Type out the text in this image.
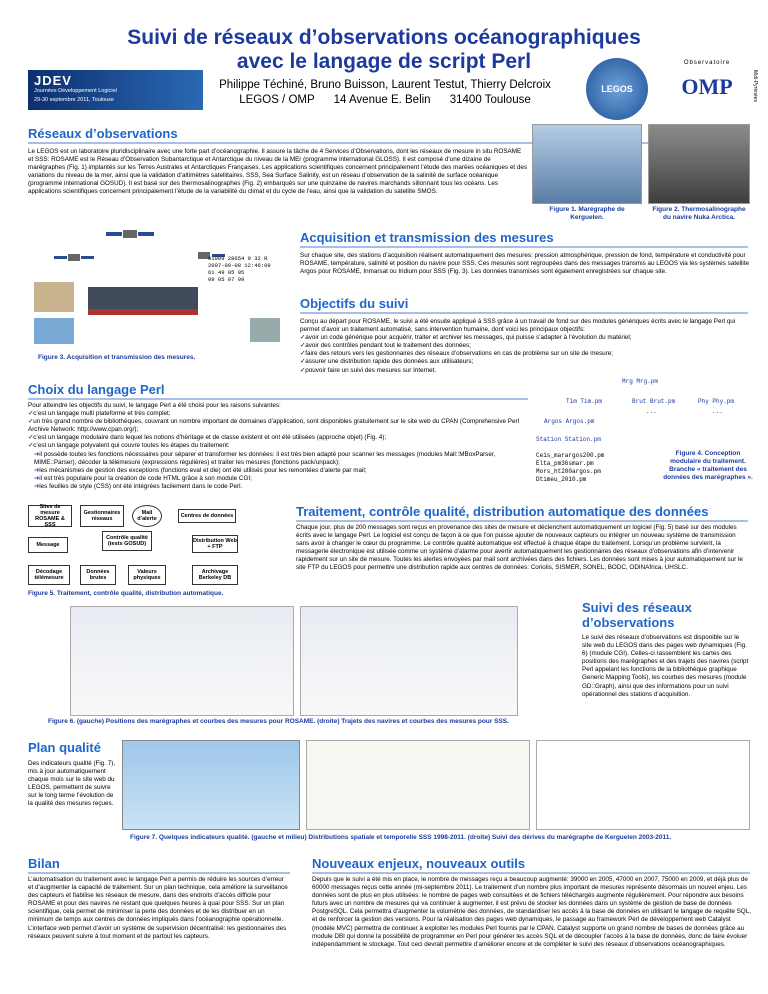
Suivi de réseaux d’observations océanographiques
avec le langage de script Perl
JDEV
Journées Développement Logiciel
29-30 septembre 2011, Toulouse
Philippe Téchiné, Bruno Buisson, Laurent Testut, Thierry Delcroix
LEGOS / OMP      14 Avenue E. Belin      31400 Toulouse
LEGOS
Observatoire
OMP	Midi-Pyrénées
Réseaux d’observations
Le LEGOS est un laboratoire pluridisciplinaire avec une forte part d’océanographie. Il assure la tâche de 4 Services d’Observations, dont les réseaux de mesure in situ ROSAME et SSS: ROSAME est le Réseau d’Observation Subantarctique et Antarctique du niveau de la MEr (programme international GLOSS). Il est composé d’une dizaine de marégraphes (Fig. 1) implantés sur les Terres Australes et Antarctiques Françaises. Les applications scientifiques concernent principalement l’étude des marées océaniques et des variations du niveau de la mer, ainsi que la validation d’altimètres satellitaires. SSS, Sea Surface Salinity, est un réseau d’observation de la salinité de surface océanique (programme international GOSUD). Il est basé sur des thermosalinographes (Fig. 2) embarqués sur une quinzaine de navires marchands sillonnant tous les océans. Les applications scientifiques concernent principalement l’étude de la variabilité du climat et du cycle de l’eau, ainsi que la validation du satellite SMOS.
Figure 1. Marégraphe de Kerguelen.
Figure 2. Thermosalinographe du navire Nuka Arctica.
Acquisition et transmission des mesures
Sur chaque site, des stations d’acquisition réalisent automatiquement des mesures: pression atmosphérique, pression de fond, température et conductivité pour ROSAME, température, salinité et position du navire pour SSS. Ces mesures sont regroupées dans des messages transmis au LEGOS via les systèmes satellite Argos pour ROSAME, Inmarsat ou Iridium pour SSS (Fig. 3). Les données transmises sont également enregistrées sur chaque site.
01009 28654 9 32 R
2007-09-08 12:46:09
61 49 05 05
09 05 07 09
Figure 3. Acquisition et transmission des mesures.
Objectifs du suivi
Conçu au départ pour ROSAME, le suivi a été ensuite appliqué à SSS grâce à un travail de fond sur des modules génériques écrits avec le langage Perl qui permet d’avoir un traitement automatisé, sans intervention humaine, dont voici les principaux objectifs:
✓ avoir un code générique pour acquérir, traiter et archiver les messages, qui puisse s’adapter à l’évolution du matériel;
✓ avoir des contrôles pendant tout le traitement des données;
✓ faire des retours vers les gestionnaires des réseaux d’observations en cas de problème sur un site de mesure;
✓ assurer une distribution rapide des données aux utilisateurs;
✓ pouvoir faire un suivi des mesures sur Internet.
Choix du langage Perl
Pour atteindre les objectifs du suivi, le langage Perl a été choisi pour les raisons suivantes:
✓ c’est un langage multi plateforme et très complet;
✓ un très grand nombre de bibliothèques, couvrant un nombre important de domaines d’application, sont disponibles gratuitement sur le site web du CPAN (Comprehensive Perl Archive Network: http://www.cpan.org/);
✓ c’est un langage modulaire dans lequel les notions d’héritage et de classe existent et ont été utilisées (approche objet) (Fig. 4);
✓ c’est un langage polyvalent qui couvre toutes les étapes du traitement:
➔ il possède toutes les fonctions nécessaires pour séparer et transformer les données: il est très bien adapté pour scanner les messages (modules Mail::MBoxParser, MIME::Parser), décoder la télémesure (expressions régulières) et traiter les mesures (fonctions pack/unpack);
➔ les mécanismes de gestion des exceptions (fonctions eval et die) ont été utilisés pour les remontées d’alerte par mail;
➔ il est très populaire pour la création de code HTML grâce à son module CGI;
➔ les feuilles de style (CSS) ont été intégrées facilement dans le code Perl.
Mrg Mrg.pm
Tim Tim.pm	Brut Brut.pm	Phy Phy.pm
Argos Argos.pm
...	...
Station Station.pm
Ceis_marargos200.pm
Elta_pm36smar.pm
Mors_ht200argos.pm
Dtimeu_2010.pm
Figure 4. Conception modulaire du traitement. Branche « traitement des données des marégraphes ».
Sites de mesure ROSAME & SSS
Gestionnaires réseaux
Mail d’alerte	Centres de données
Message
Contrôle qualité (tests GOSUD)	Distribution Web + FTP
Décodage télémesure
Données brutes
Valeurs physiques
Archivage Berkeley DB
Figure 5. Traitement, contrôle qualité, distribution automatique.
Traitement, contrôle qualité, distribution automatique des données
Chaque jour, plus de 200 messages sont reçus en provenance des sites de mesure et déclenchent automatiquement un logiciel (Fig. 5) basé sur des modules écrits avec le langage Perl. Le logiciel est conçu de façon à ce que l’on puisse ajouter de nouveaux capteurs ou intégrer un nouveau système de transmission sans avoir à changer le cœur du programme. Le contrôle qualité automatique est effectué à chaque étape du traitement. Lorsqu’un problème survient, la messagerie électronique est utilisée comme un système d’alarme pour avertir automatiquement les gestionnaires des réseaux d’observations afin d’intervenir rapidement sur un site de mesure. Toutes les alertes envoyées par mail sont archivées dans des fichiers. Les données sont mises à jour automatiquement sur le site FTP du LEGOS pour permettre une distribution rapide aux centres de données: Coriolis, SISMER, SONEL, BODC, ODINAfrica, UHSLC.
Figure 6. (gauche) Positions des marégraphes et courbes des mesures pour ROSAME. (droite) Trajets des navires et courbes des mesures pour SSS.
Suivi des réseaux
d’observations
Le suivi des réseaux d’observations est disponible sur le site web du LEGOS dans des pages web dynamiques (Fig. 6) (module CGI). Celles-ci rassemblent les cartes des positions des marégraphes et des trajets des navires (script Perl appelant les fonctions de la bibliothèque graphique Generic Mapping Tools), les courbes des mesures (module GD::Graph), ainsi que des informations pour un suivi opérationnel des stations d’acquisition.
Plan qualité
Des indicateurs qualité (Fig. 7), mis à jour automatiquement chaque mois sur le site web du LEGOS, permettent de suivre sur le long terme l’évolution de la qualité des mesures reçues.
Figure 7. Quelques indicateurs qualité. (gauche et milieu) Distributions spatiale et temporelle SSS 1998-2011. (droite) Suivi des dérives du marégraphe de Kerguelen 2003-2011.
Bilan
L’automatisation du traitement avec le langage Perl a permis de réduire les sources d’erreur et d’augmenter la capacité de traitement. Sur un plan technique, cela améliore la surveillance des capteurs et fiabilise les réseaux de mesure, dans des endroits d’accès difficile pour ROSAME et pour des navires ne restant que quelques heures à quai pour SSS. Sur un plan scientifique, cela permet de minimiser la perte des données et de les distribuer en un minimum de temps aux centres de données impliqués dans l’océanographie opérationnelle. L’interface web permet d’avoir un système de supervision décentralisé: les gestionnaires des réseaux peuvent suivre à tout moment et de partout les capteurs.
Nouveaux enjeux, nouveaux outils
Depuis que le suivi a été mis en place, le nombre de messages reçu a beaucoup augmenté: 39000 en 2005, 47000 en 2007, 75000 en 2009, et déjà plus de 60000 messages reçus cette année (mi-septembre 2011). Le traitement d’un nombre plus important de mesures représente désormais un nouvel enjeu. Les données sont de plus en plus utilisées: le nombre de pages web consultées et de fichiers téléchargés augmente régulièrement. Pour répondre aux besoins futurs avec un nombre de mesures qui va continuer à augmenter, il est prévu de stocker les données dans un système de gestion de base de données PostgreSQL. Cela permettra d’augmenter la volumétrie des données, de standardiser les accès à la base de données en utilisant le langage de requête SQL, et de renforcer la gestion des versions. Pour la réalisation des pages web dynamiques, le passage au framework Perl de développement web Catalyst (modèle MVC) permettra de continuer à exploiter les modules Perl fournis par le CPAN. Catalyst supporte un grand nombre de bases de données grâce au module DBI qui donne la possibilité de programmer en Perl pour générer les accès SQL et de découpler l’accès à la base de données, donc de faire évoluer indépendamment le stockage. Tout ceci devrait permettre d’améliorer encore et de compléter le suivi des réseaux d’observations océanographiques.
